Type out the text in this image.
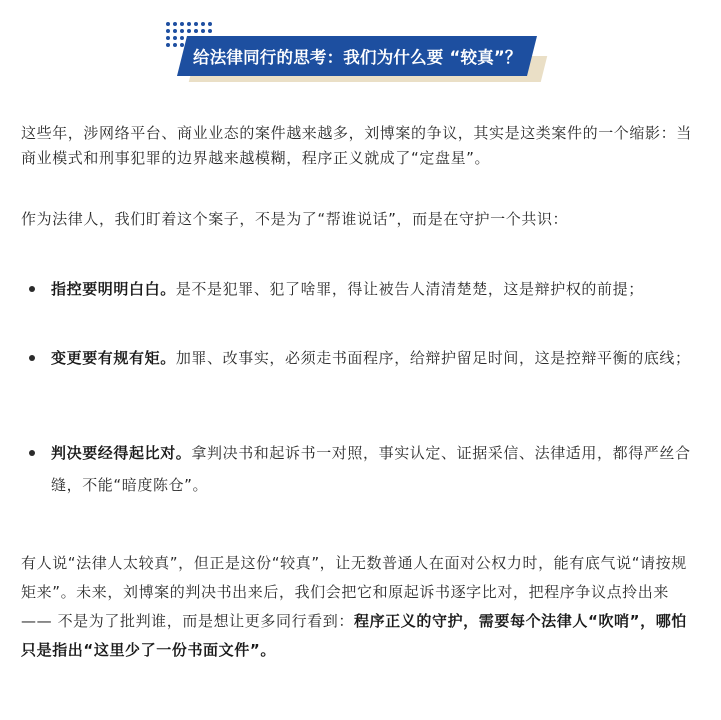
给法律同行的思考：我们为什么要 “较真”？

这些年，涉网络平台、商业业态的案件越来越多，刘博案的争议，其实是这类案件的一个缩影：当商业模式和刑事犯罪的边界越来越模糊，程序正义就成了“定盘星”。

作为法律人，我们盯着这个案子，不是为了“帮谁说话”，而是在守护一个共识：

指控要明明白白。是不是犯罪、犯了啥罪，得让被告人清清楚楚，这是辩护权的前提；
变更要有规有矩。加罪、改事实，必须走书面程序，给辩护留足时间，这是控辩平衡的底线；
判决要经得起比对。拿判决书和起诉书一对照，事实认定、证据采信、法律适用，都得严丝合缝，不能“暗度陈仓”。

有人说“法律人太较真”，但正是这份“较真”，让无数普通人在面对公权力时，能有底气说“请按规矩来”。未来，刘博案的判决书出来后，我们会把它和原起诉书逐字比对，把程序争议点拎出来 —— 不是为了批判谁，而是想让更多同行看到：程序正义的守护，需要每个法律人“吹哨”，哪怕只是指出“这里少了一份书面文件”。
